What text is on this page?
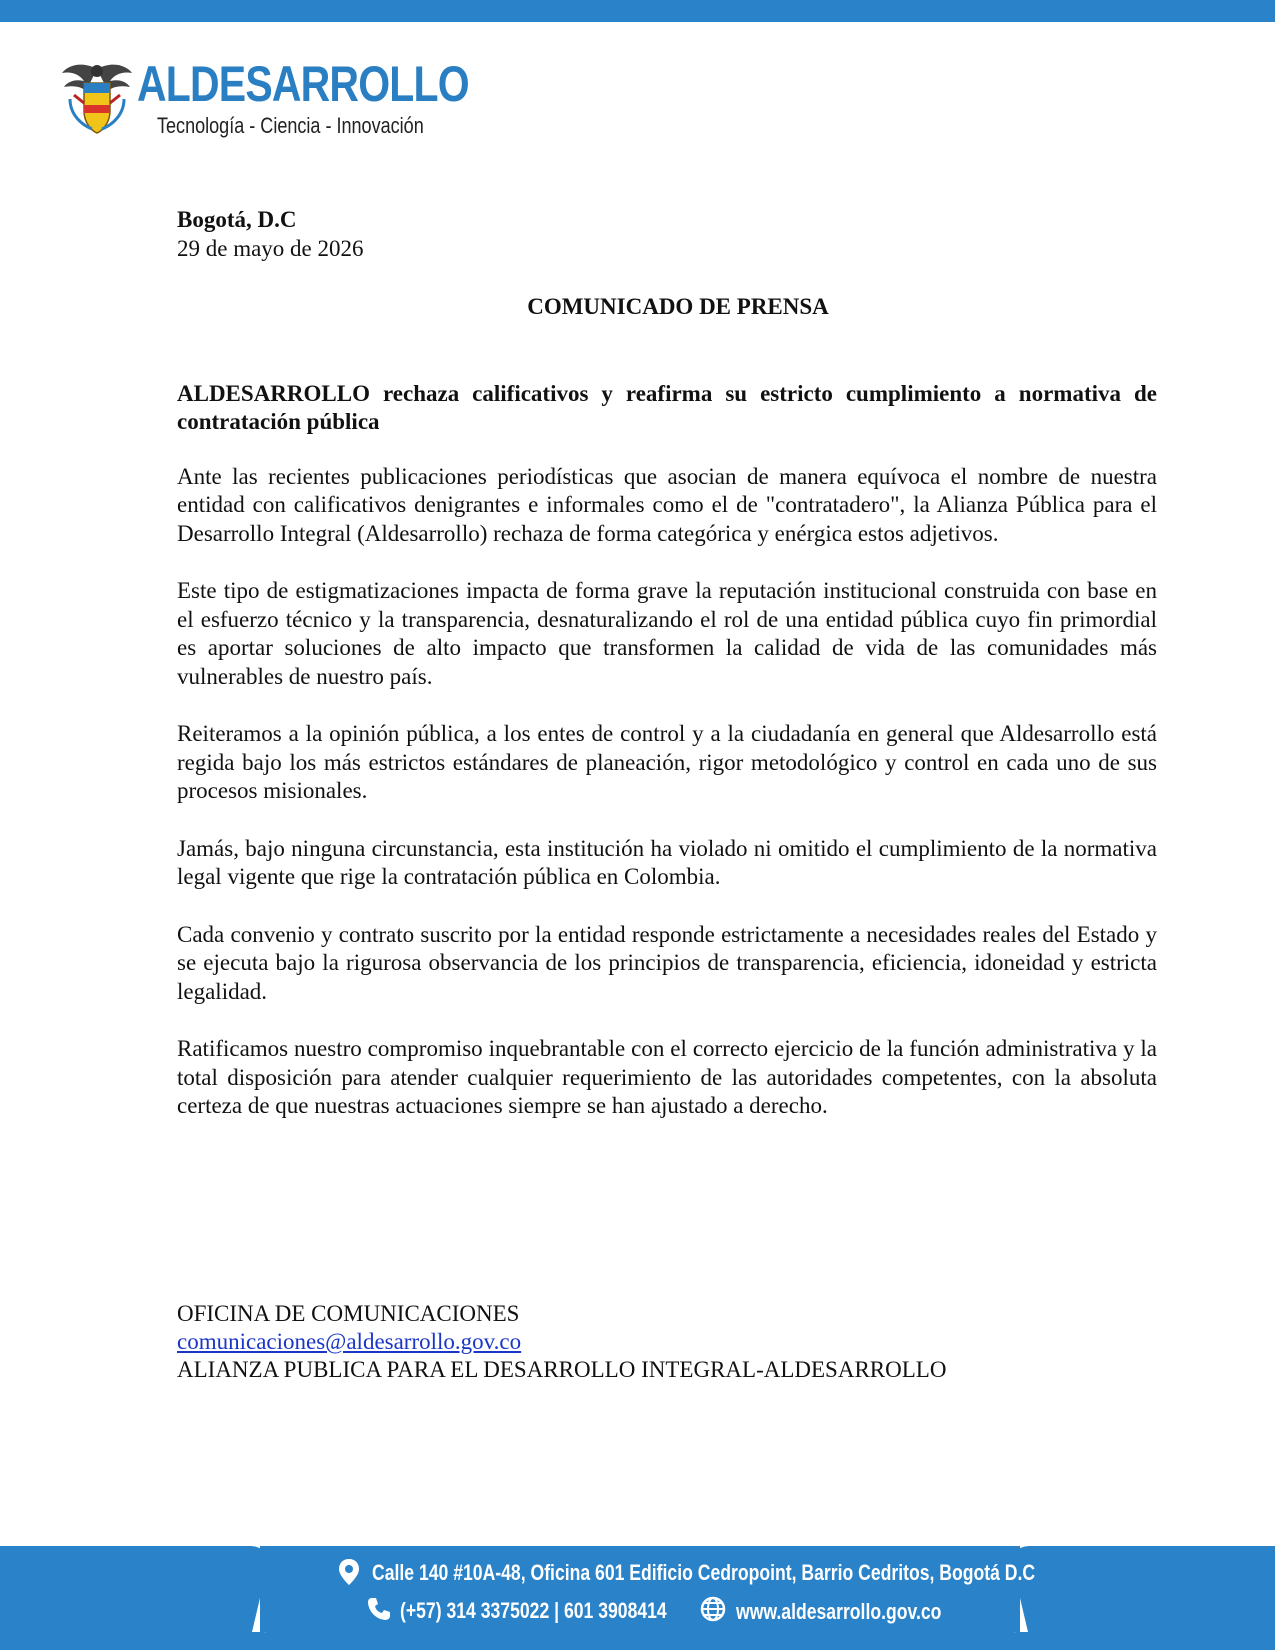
ALDESARROLLO
Tecnología - Ciencia - Innovación
Bogotá, D.C
29 de mayo de 2026
COMUNICADO DE PRENSA
ALDESARROLLO rechaza calificativos y reafirma su estricto cumplimiento a normativa de contratación pública

Ante las recientes publicaciones periodísticas que asocian de manera equívoca el nombre de nuestra entidad con calificativos denigrantes e informales como el de "contratadero", la Alianza Pública para el Desarrollo Integral (Aldesarrollo) rechaza de forma categórica y enérgica estos adjetivos.

Este tipo de estigmatizaciones impacta de forma grave la reputación institucional construida con base en el esfuerzo técnico y la transparencia, desnaturalizando el rol de una entidad pública cuyo fin primordial es aportar soluciones de alto impacto que transformen la calidad de vida de las comunidades más vulnerables de nuestro país.

Reiteramos a la opinión pública, a los entes de control y a la ciudadanía en general que Aldesarrollo está regida bajo los más estrictos estándares de planeación, rigor metodológico y control en cada uno de sus procesos misionales.

Jamás, bajo ninguna circunstancia, esta institución ha violado ni omitido el cumplimiento de la normativa legal vigente que rige la contratación pública en Colombia.

Cada convenio y contrato suscrito por la entidad responde estrictamente a necesidades reales del Estado y se ejecuta bajo la rigurosa observancia de los principios de transparencia, eficiencia, idoneidad y estricta legalidad.

Ratificamos nuestro compromiso inquebrantable con el correcto ejercicio de la función administrativa y la total disposición para atender cualquier requerimiento de las autoridades competentes, con la absoluta certeza de que nuestras actuaciones siempre se han ajustado a derecho.

OFICINA DE COMUNICACIONES
comunicaciones@aldesarrollo.gov.co
ALIANZA PUBLICA PARA EL DESARROLLO INTEGRAL-ALDESARROLLO
Calle 140 #10A-48, Oficina 601 Edificio Cedropoint, Barrio Cedritos, Bogotá D.C
(+57) 314 3375022 | 601 3908414	www.aldesarrollo.gov.co
